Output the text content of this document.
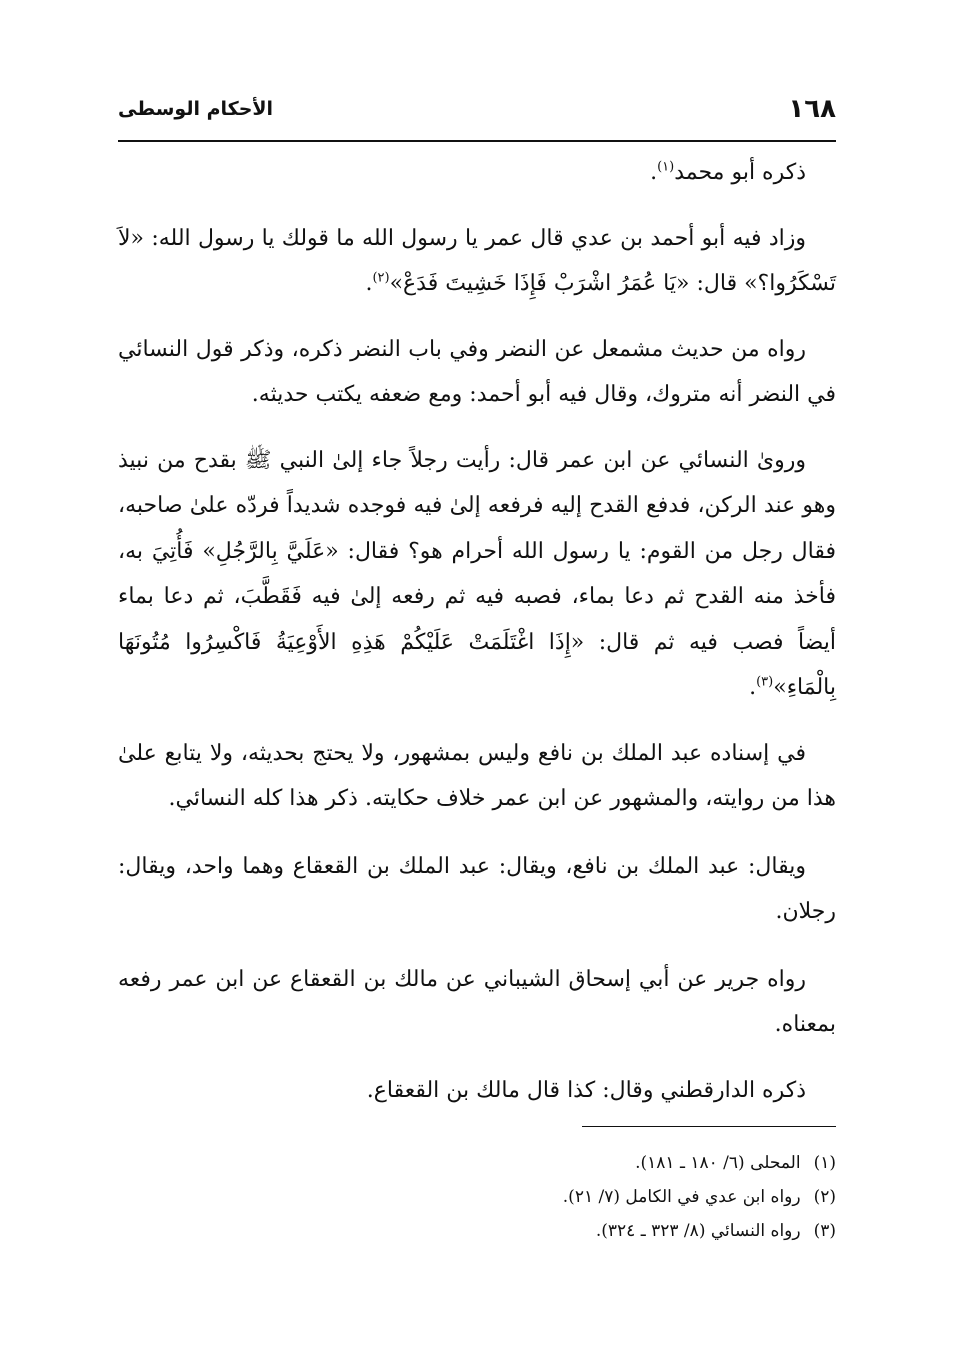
١٦٨
الأحكام الوسطى

ذكره أبو محمد$^{(١)}$.

وزاد فيه أبو أحمد بن عدي قال عمر يا رسول الله ما قولك يا رسول الله: «لاَ تَسْكَرُوا؟» قال: «يَا عُمَرُ اشْرَبْ فَإِذَا خَشِيتَ فَدَعْ»$^{(٢)}$.

رواه من حديث مشمعل عن النضر وفي باب النضر ذكره، وذكر قول النسائي في النضر أنه متروك، وقال فيه أبو أحمد: ومع ضعفه يكتب حديثه.

وروىٰ النسائي عن ابن عمر قال: رأيت رجلاً جاء إلىٰ النبي ﷺ بقدح من نبيذ وهو عند الركن، فدفع القدح إليه فرفعه إلىٰ فيه فوجده شديداً فردّه علىٰ صاحبه، فقال رجل من القوم: يا رسول الله أحرام هو؟ فقال: «عَلَيَّ بِالرَّجُلِ» فَأُتِيَ به، فأخذ منه القدح ثم دعا بماء، فصبه فيه ثم رفعه إلىٰ فيه فَقَطَّبَ، ثم دعا بماء أيضاً فصب فيه ثم قال: «إِذَا اغْتَلَمَتْ عَلَيْكُمْ هَذِهِ الأَوْعِيَةُ فَاكْسِرُوا مُتُونَهَا بِالْمَاءِ»$^{(٣)}$.

في إسناده عبد الملك بن نافع وليس بمشهور، ولا يحتج بحديثه، ولا يتابع علىٰ هذا من روايته، والمشهور عن ابن عمر خلاف حكايته. ذكر هذا كله النسائي.

ويقال: عبد الملك بن نافع، ويقال: عبد الملك بن القعقاع وهما واحد، ويقال: رجلان.

رواه جرير عن أبي إسحاق الشيباني عن مالك بن القعقاع عن ابن عمر رفعه بمعناه.

ذكره الدارقطني وقال: كذا قال مالك بن القعقاع.

(١) المحلى (٦/ ١٨٠ ـ ١٨١).

(٢) رواه ابن عدي في الكامل (٧/ ٢١).

(٣) رواه النسائي (٨/ ٣٢٣ ـ ٣٢٤).
